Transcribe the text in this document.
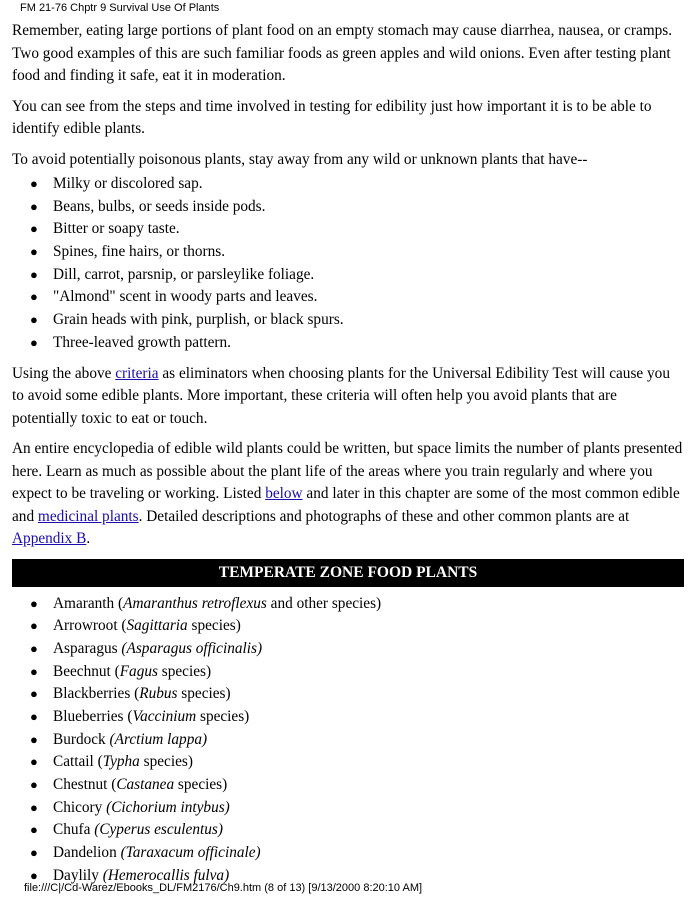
FM 21-76 Chptr 9 Survival Use Of Plants

Remember, eating large portions of plant food on an empty stomach may cause diarrhea, nausea, or cramps. Two good examples of this are such familiar foods as green apples and wild onions. Even after testing plant food and finding it safe, eat it in moderation.

You can see from the steps and time involved in testing for edibility just how important it is to be able to identify edible plants.

To avoid potentially poisonous plants, stay away from any wild or unknown plants that have--

● Milky or discolored sap.
● Beans, bulbs, or seeds inside pods.
● Bitter or soapy taste.
● Spines, fine hairs, or thorns.
● Dill, carrot, parsnip, or parsleylike foliage.
● "Almond" scent in woody parts and leaves.
● Grain heads with pink, purplish, or black spurs.
● Three-leaved growth pattern.

Using the above criteria as eliminators when choosing plants for the Universal Edibility Test will cause you to avoid some edible plants. More important, these criteria will often help you avoid plants that are potentially toxic to eat or touch.

An entire encyclopedia of edible wild plants could be written, but space limits the number of plants presented here. Learn as much as possible about the plant life of the areas where you train regularly and where you expect to be traveling or working. Listed below and later in this chapter are some of the most common edible and medicinal plants. Detailed descriptions and photographs of these and other common plants are at Appendix B.

TEMPERATE ZONE FOOD PLANTS
● Amaranth (Amaranthus retroflexus and other species)
● Arrowroot (Sagittaria species)
● Asparagus (Asparagus officinalis)
● Beechnut (Fagus species)
● Blackberries (Rubus species)
● Blueberries (Vaccinium species)
● Burdock (Arctium lappa)
● Cattail (Typha species)
● Chestnut (Castanea species)
● Chicory (Cichorium intybus)
● Chufa (Cyperus esculentus)
● Dandelion (Taraxacum officinale)
● Daylily (Hemerocallis fulva)
file:///C|/Cd-Warez/Ebooks_DL/FM2176/Ch9.htm (8 of 13) [9/13/2000 8:20:10 AM]
